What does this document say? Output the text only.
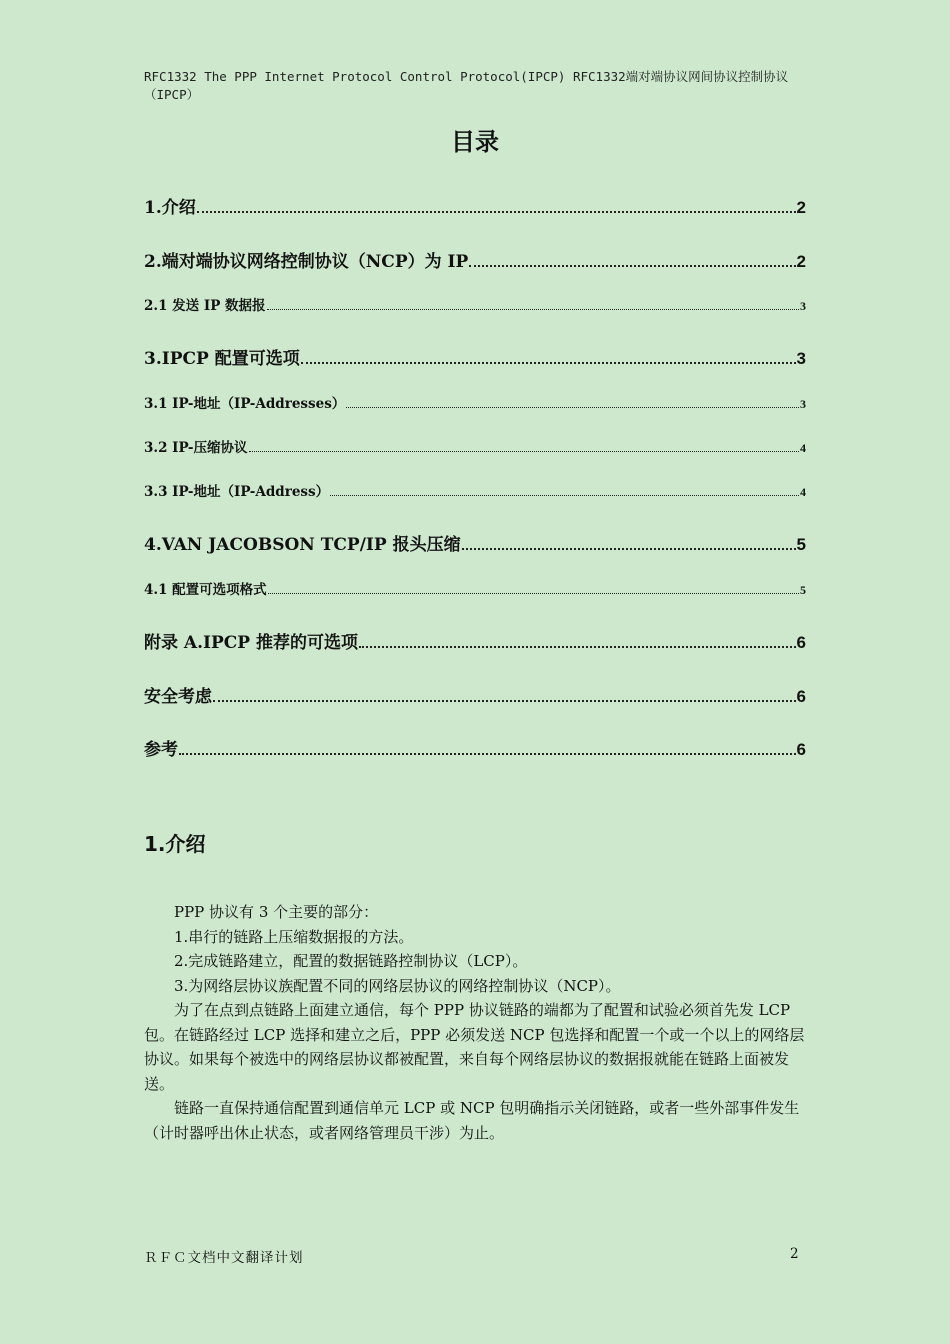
RFC1332 The PPP Internet Protocol Control Protocol(IPCP) RFC1332端对端协议网间协议控制协议
（IPCP）
目录
1.介绍	2
2.端对端协议网络控制协议（NCP）为 IP	2
2.1 发送 IP 数据报	3
3.IPCP 配置可选项	3
3.1 IP-地址（IP-Addresses）	3
3.2 IP-压缩协议	4
3.3 IP-地址（IP-Address）	4
4.VAN JACOBSON TCP/IP 报头压缩	5
4.1 配置可选项格式	5
附录 A.IPCP 推荐的可选项	6
安全考虑	6
参考	6
1.介绍

PPP 协议有 3 个主要的部分：

1.串行的链路上压缩数据报的方法。

2.完成链路建立，配置的数据链路控制协议（LCP）。

3.为网络层协议族配置不同的网络层协议的网络控制协议（NCP）。

为了在点到点链路上面建立通信，每个 PPP 协议链路的端都为了配置和试验必须首先发 LCP 包。在链路经过 LCP 选择和建立之后，PPP 必须发送 NCP 包选择和配置一个或一个以上的网络层协议。如果每个被选中的网络层协议都被配置，来自每个网络层协议的数据报就能在链路上面被发送。

链路一直保持通信配置到通信单元 LCP 或 NCP 包明确指示关闭链路，或者一些外部事件发生（计时器呼出休止状态，或者网络管理员干涉）为止。

ＲＦＣ文档中文翻译计划	2
